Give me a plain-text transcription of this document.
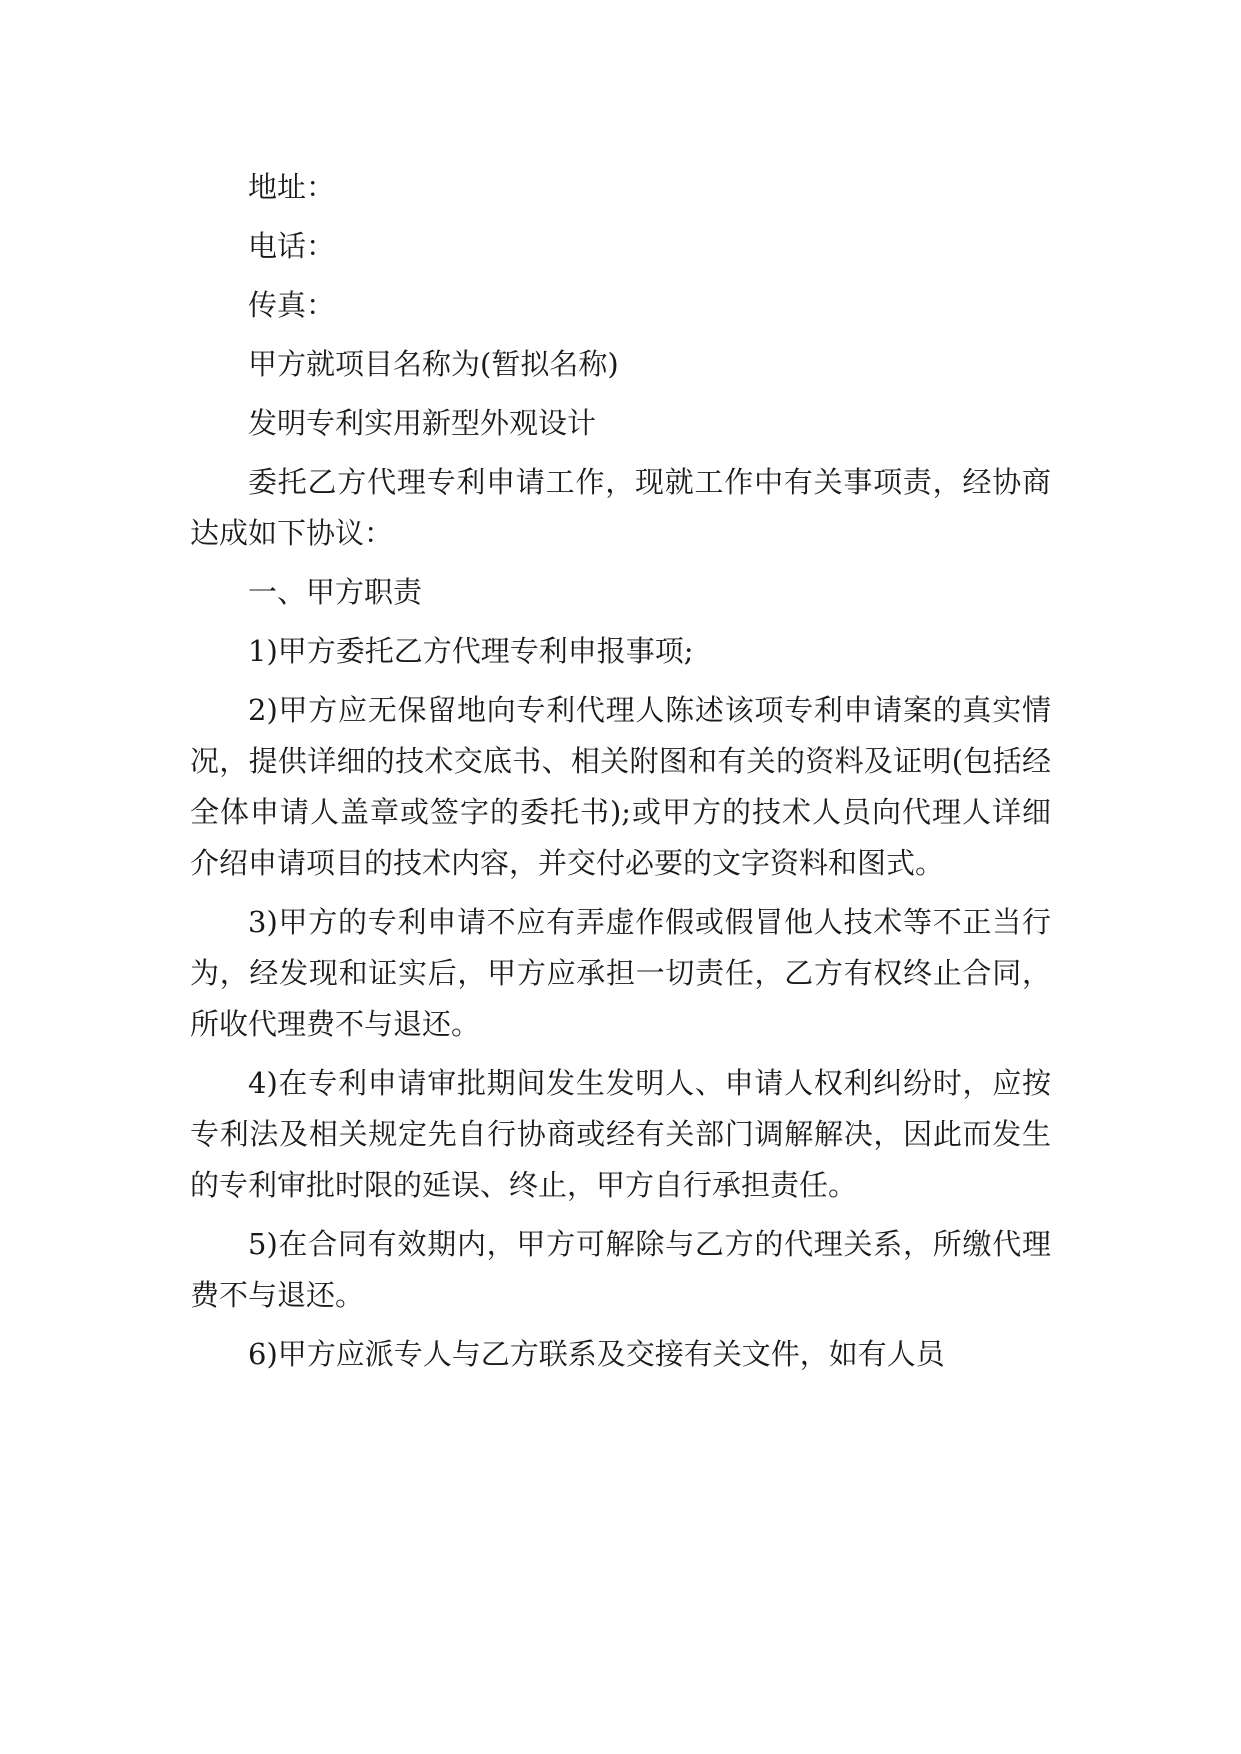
地址：
电话：
传真：
甲方就项目名称为(暂拟名称)
发明专利实用新型外观设计

委托乙方代理专利申请工作，现就工作中有关事项责，经协商达成如下协议：

一、甲方职责

1)甲方委托乙方代理专利申报事项;

2)甲方应无保留地向专利代理人陈述该项专利申请案的真实情况，提供详细的技术交底书、相关附图和有关的资料及证明(包括经全体申请人盖章或签字的委托书);或甲方的技术人员向代理人详细介绍申请项目的技术内容，并交付必要的文字资料和图式。

3)甲方的专利申请不应有弄虚作假或假冒他人技术等不正当行为，经发现和证实后，甲方应承担一切责任，乙方有权终止合同，所收代理费不与退还。

4)在专利申请审批期间发生发明人、申请人权利纠纷时，应按专利法及相关规定先自行协商或经有关部门调解解决，因此而发生的专利审批时限的延误、终止，甲方自行承担责任。

5)在合同有效期内，甲方可解除与乙方的代理关系，所缴代理费不与退还。

6)甲方应派专人与乙方联系及交接有关文件，如有人员
